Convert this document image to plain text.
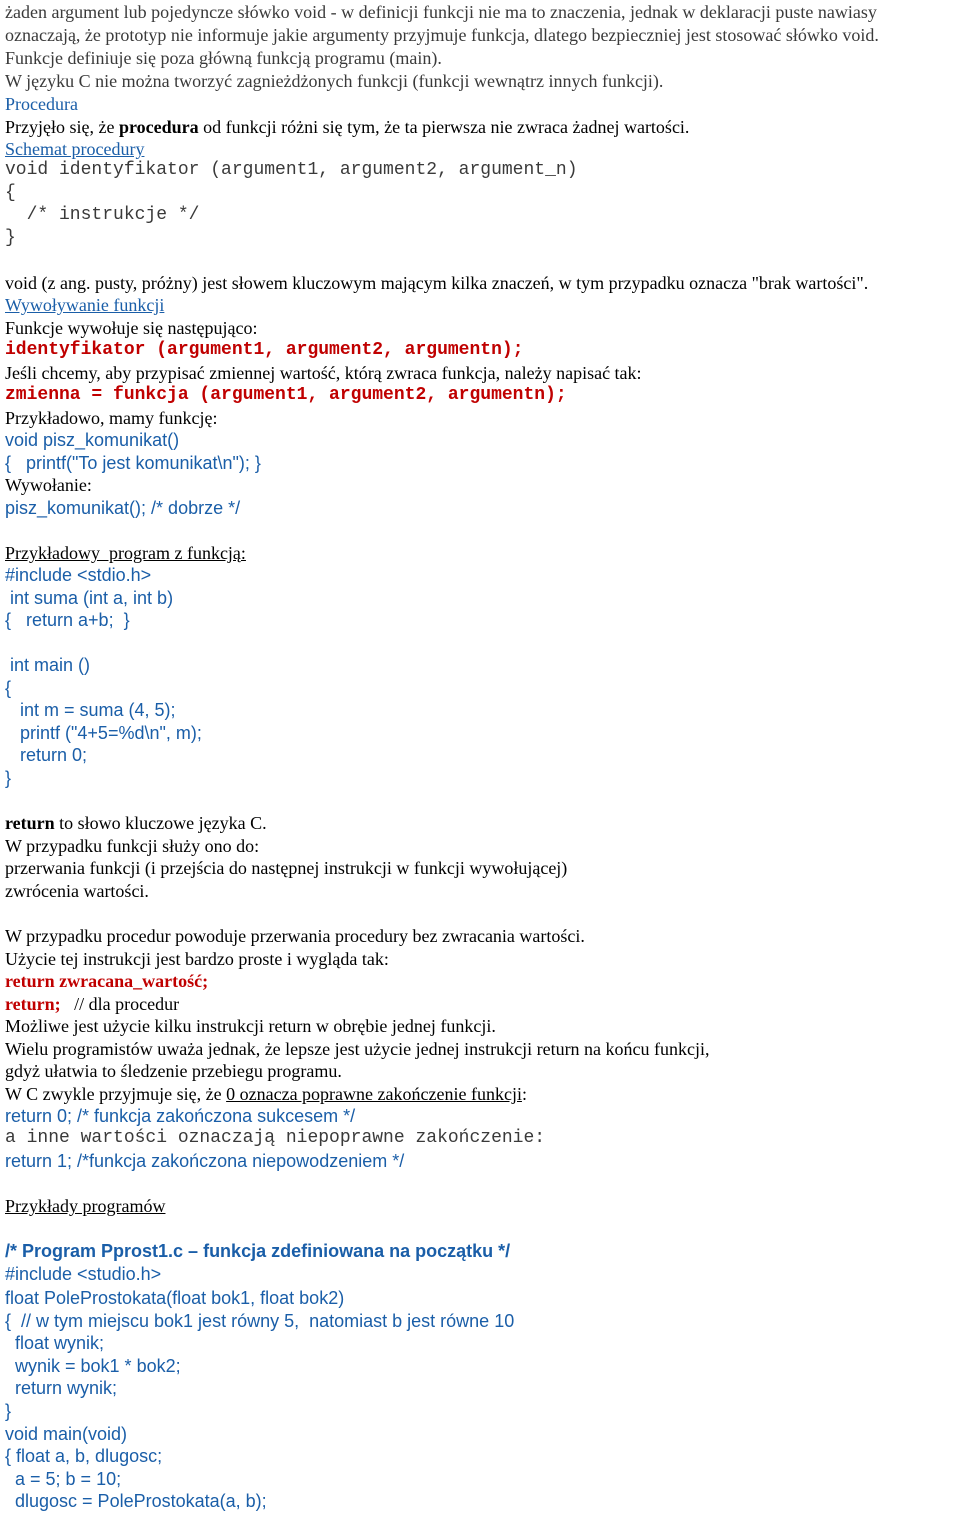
żaden argument lub pojedyncze słówko void - w definicji funkcji nie ma to znaczenia, jednak w deklaracji puste nawiasy
oznaczają, że prototyp nie informuje jakie argumenty przyjmuje funkcja, dlatego bezpieczniej jest stosować słówko void.
Funkcje definiuje się poza główną funkcją programu (main).
W języku C nie można tworzyć zagnieżdżonych funkcji (funkcji wewnątrz innych funkcji).
Procedura
Przyjęło się, że procedura od funkcji różni się tym, że ta pierwsza nie zwraca żadnej wartości.
Schemat procedury
void identyfikator (argument1, argument2, argument_n)
{
/* instrukcje */
}
void (z ang. pusty, próżny) jest słowem kluczowym mającym kilka znaczeń, w tym przypadku oznacza "brak wartości".
Wywoływanie funkcji
Funkcje wywołuje się następująco:
identyfikator (argument1, argument2, argumentn);
Jeśli chcemy, aby przypisać zmiennej wartość, którą zwraca funkcja, należy napisać tak:
zmienna = funkcja (argument1, argument2, argumentn);
Przykładowo, mamy funkcję:
void pisz_komunikat()
{   printf("To jest komunikat\n"); }
Wywołanie:
pisz_komunikat(); /* dobrze */
Przykładowy  program z funkcją:
#include <stdio.h>
int suma (int a, int b)
{   return a+b;  }
int main ()
{
int m = suma (4, 5);
printf ("4+5=%d\n", m);
return 0;
}
return to słowo kluczowe języka C.
W przypadku funkcji służy ono do:
przerwania funkcji (i przejścia do następnej instrukcji w funkcji wywołującej)
zwrócenia wartości.
W przypadku procedur powoduje przerwania procedury bez zwracania wartości.
Użycie tej instrukcji jest bardzo proste i wygląda tak:
return zwracana_wartość;
return;   // dla procedur
Możliwe jest użycie kilku instrukcji return w obrębie jednej funkcji.
Wielu programistów uważa jednak, że lepsze jest użycie jednej instrukcji return na końcu funkcji,
gdyż ułatwia to śledzenie przebiegu programu.
W C zwykle przyjmuje się, że 0 oznacza poprawne zakończenie funkcji:
return 0; /* funkcja zakończona sukcesem */
a inne wartości oznaczają niepoprawne zakończenie:
return 1; /*funkcja zakończona niepowodzeniem */
Przykłady programów
/* Program Pprost1.c – funkcja zdefiniowana na początku */
#include <studio.h>
float PoleProstokata(float bok1, float bok2)
{  // w tym miejscu bok1 jest równy 5,  natomiast b jest równe 10
float wynik;
wynik = bok1 * bok2;
return wynik;
}
void main(void)
{ float a, b, dlugosc;
a = 5; b = 10;
dlugosc = PoleProstokata(a, b);
